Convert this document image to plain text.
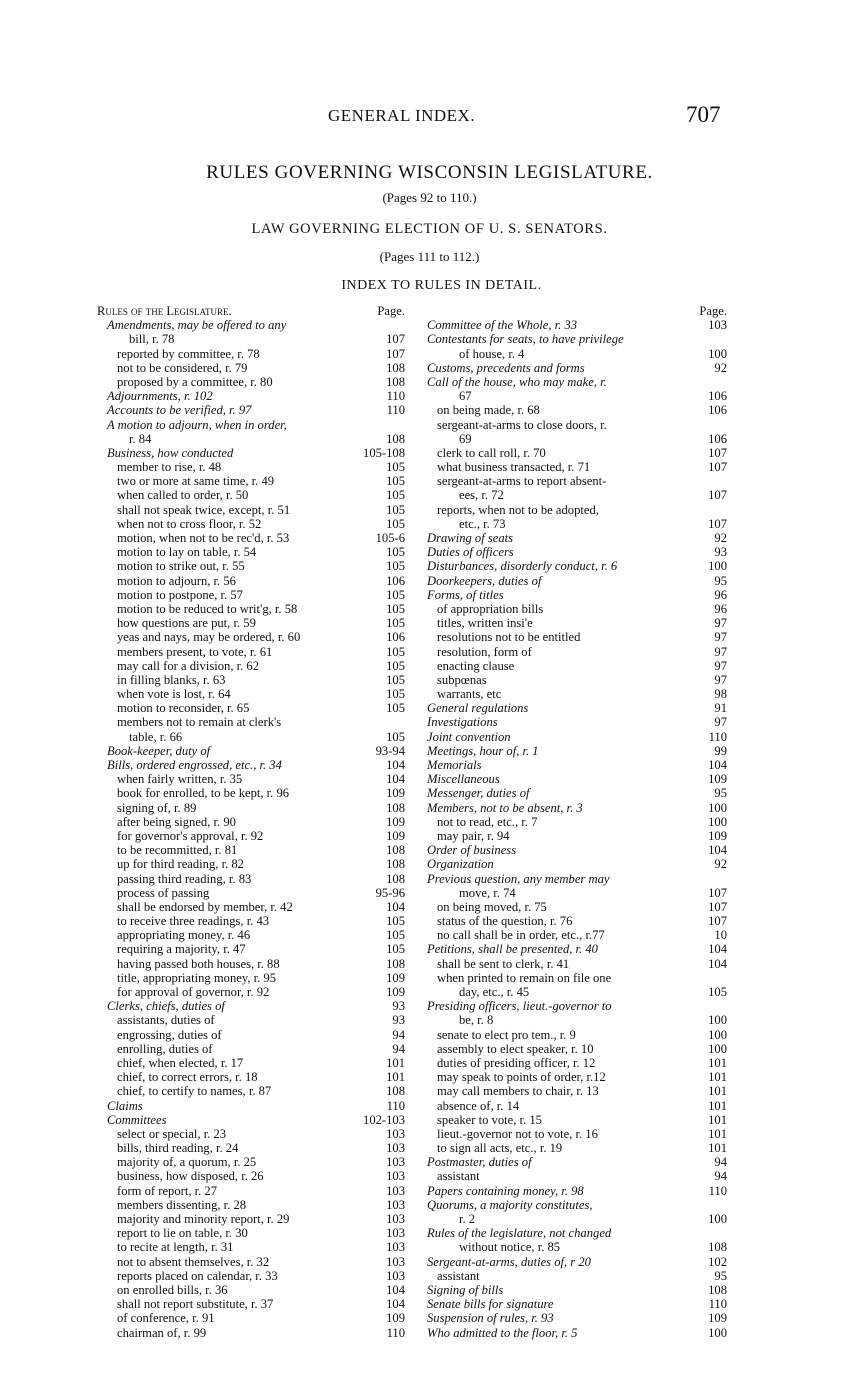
GENERAL INDEX.	707
RULES GOVERNING WISCONSIN LEGISLATURE.
(Pages 92 to 110.)
LAW GOVERNING ELECTION OF U. S. SENATORS.
(Pages 111 to 112.)
INDEX TO RULES IN DETAIL.
Rules of the Legislature.	Page.
Amendments, may be offered to any
bill, r. 78	107
reported by committee, r. 78	107
not to be considered, r. 79	108
proposed by a committee, r. 80	108
Adjournments, r. 102	110
Accounts to be verified, r. 97	110
A motion to adjourn, when in order,
r. 84	108
Business, how conducted	105-108
member to rise, r. 48	105
two or more at same time, r. 49	105
when called to order, r. 50	105
shall not speak twice, except, r. 51	105
when not to cross floor, r. 52	105
motion, when not to be rec'd, r. 53	105-6
motion to lay on table, r. 54	105
motion to strike out, r. 55	105
motion to adjourn, r. 56	106
motion to postpone, r. 57	105
motion to be reduced to writ'g, r. 58	105
how questions are put, r. 59	105
yeas and nays, may be ordered, r. 60	106
members present, to vote, r. 61	105
may call for a division, r. 62	105
in filling blanks, r. 63	105
when vote is lost, r. 64	105
motion to reconsider, r. 65	105
members not to remain at clerk's
table, r. 66	105
Book-keeper, duty of	93-94
Bills, ordered engrossed, etc., r. 34	104
when fairly written, r. 35	104
book for enrolled, to be kept, r. 96	109
signing of, r. 89	108
after being signed, r. 90	109
for governor's approval, r. 92	109
to be recommitted, r. 81	108
up for third reading, r. 82	108
passing third reading, r. 83	108
process of passing	95-96
shall be endorsed by member, r. 42	104
to receive three readings, r. 43	105
appropriating money, r. 46	105
requiring a majority, r. 47	105
having passed both houses, r. 88	108
title, appropriating money, r. 95	109
for approval of governor, r. 92	109
Clerks, chiefs, duties of	93
assistants, duties of	93
engrossing, duties of	94
enrolling, duties of	94
chief, when elected, r. 17	101
chief, to correct errors, r. 18	101
chief, to certify to names, r. 87	108
Claims	110
Committees	102-103
select or special, r. 23	103
bills, third reading, r. 24	103
majority of, a quorum, r. 25	103
business, how disposed, r. 26	103
form of report, r. 27	103
members dissenting, r. 28	103
majority and minority report, r. 29	103
report to lie on table, r. 30	103
to recite at length, r. 31	103
not to absent themselves, r. 32	103
reports placed on calendar, r. 33	103
on enrolled bills, r. 36	104
shall not report substitute, r. 37	104
of conference, r. 91	109
chairman of, r. 99	110
Page.
Committee of the Whole, r. 33	103
Contestants for seats, to have privilege
of house, r. 4	100
Customs, precedents and forms	92
Call of the house, who may make, r.
67	106
on being made, r. 68	106
sergeant-at-arms to close doors, r.
69	106
clerk to call roll, r. 70	107
what business transacted, r. 71	107
sergeant-at-arms to report absent-
ees, r. 72	107
reports, when not to be adopted,
etc., r. 73	107
Drawing of seats	92
Duties of officers	93
Disturbances, disorderly conduct, r. 6	100
Doorkeepers, duties of	95
Forms, of titles	96
of appropriation bills	96
titles, written insi'e	97
resolutions not to be entitled	97
resolution, form of	97
enacting clause	97
subpœnas	97
warrants, etc	98
General regulations	91
Investigations	97
Joint convention	110
Meetings, hour of, r. 1	99
Memorials	104
Miscellaneous	109
Messenger, duties of	95
Members, not to be absent, r. 3	100
not to read, etc., r. 7	100
may pair, r. 94	109
Order of business	104
Organization	92
Previous question, any member may
move, r. 74	107
on being moved, r. 75	107
status of the question, r. 76	107
no call shall be in order, etc., r.77	10
Petitions, shall be presented, r. 40	104
shall be sent to clerk, r. 41	104
when printed to remain on file one
day, etc., r. 45	105
Presiding officers, lieut.-governor to
be, r. 8	100
senate to elect pro tem., r. 9	100
assembly to elect speaker, r. 10	100
duties of presiding officer, r. 12	101
may speak to points of order, r.12	101
may call members to chair, r. 13	101
absence of, r. 14	101
speaker to vote, r. 15	101
lieut.-governor not to vote, r. 16	101
to sign all acts, etc., r. 19	101
Postmaster, duties of	94
assistant	94
Papers containing money, r. 98	110
Quorums, a majority constitutes,
r. 2	100
Rules of the legislature, not changed
without notice, r. 85	108
Sergeant-at-arms, duties of, r 20	102
assistant	95
Signing of bills	108
Senate bills for signature	110
Suspension of rules, r. 93	109
Who admitted to the floor, r. 5	100
